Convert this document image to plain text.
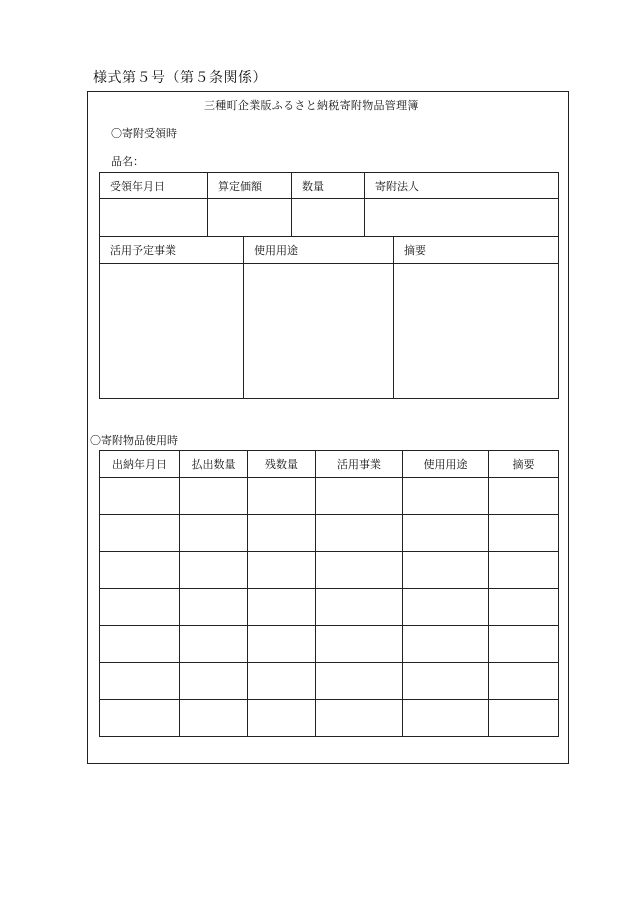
様式第５号（第５条関係）
三種町企業版ふるさと納税寄附物品管理簿
〇寄附受領時
品名：
受領年月日	算定価額	数量	寄附法人

活用予定事業	使用用途	摘要

〇寄附物品使用時
出納年月日	払出数量	残数量	活用事業	使用用途	摘要
